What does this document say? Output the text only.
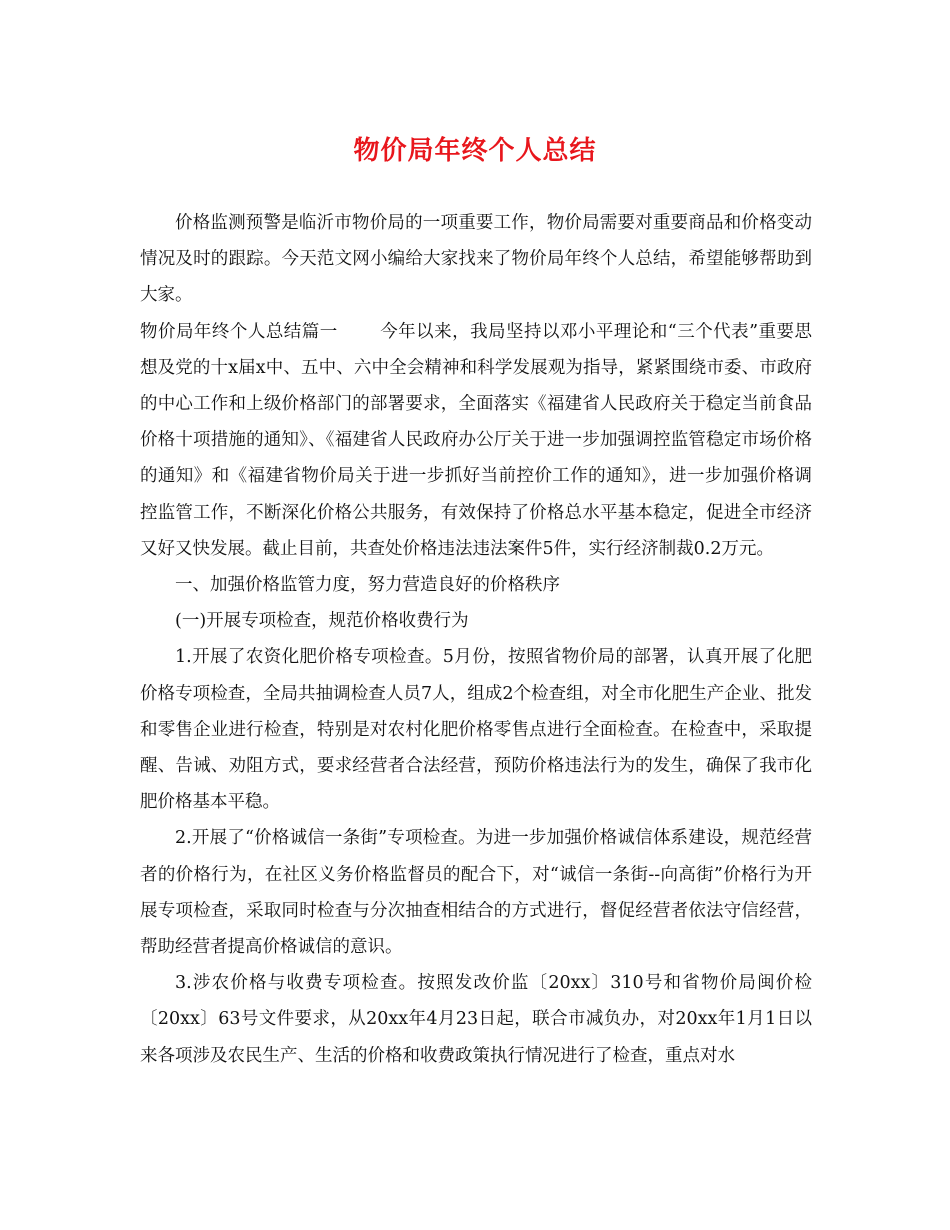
物价局年终个人总结

价格监测预警是临沂市物价局的一项重要工作，物价局需要对重要商品和价格变动情况及时的跟踪。今天范文网小编给大家找来了物价局年终个人总结，希望能够帮助到大家。

物价局年终个人总结篇一 今年以来，我局坚持以邓小平理论和“三个代表”重要思想及党的十x届x中、五中、六中全会精神和科学发展观为指导，紧紧围绕市委、市政府的中心工作和上级价格部门的部署要求，全面落实《福建省人民政府关于稳定当前食品价格十项措施的通知》、《福建省人民政府办公厅关于进一步加强调控监管稳定市场价格的通知》和《福建省物价局关于进一步抓好当前控价工作的通知》，进一步加强价格调控监管工作，不断深化价格公共服务，有效保持了价格总水平基本稳定，促进全市经济又好又快发展。截止目前，共查处价格违法违法案件5件，实行经济制裁0.2万元。

一、加强价格监管力度，努力营造良好的价格秩序

(一)开展专项检查，规范价格收费行为

1.开展了农资化肥价格专项检查。5月份，按照省物价局的部署，认真开展了化肥价格专项检查，全局共抽调检查人员7人，组成2个检查组，对全市化肥生产企业、批发和零售企业进行检查，特别是对农村化肥价格零售点进行全面检查。在检查中，采取提醒、告诫、劝阻方式，要求经营者合法经营，预防价格违法行为的发生，确保了我市化肥价格基本平稳。

2.开展了“价格诚信一条街”专项检查。为进一步加强价格诚信体系建设，规范经营者的价格行为，在社区义务价格监督员的配合下，对“诚信一条街--向高街”价格行为开展专项检查，采取同时检查与分次抽查相结合的方式进行，督促经营者依法守信经营，帮助经营者提高价格诚信的意识。

3.涉农价格与收费专项检查。按照发改价监〔20xx〕310号和省物价局闽价检〔20xx〕63号文件要求，从20xx年4月23日起，联合市减负办，对20xx年1月1日以来各项涉及农民生产、生活的价格和收费政策执行情况进行了检查，重点对水
